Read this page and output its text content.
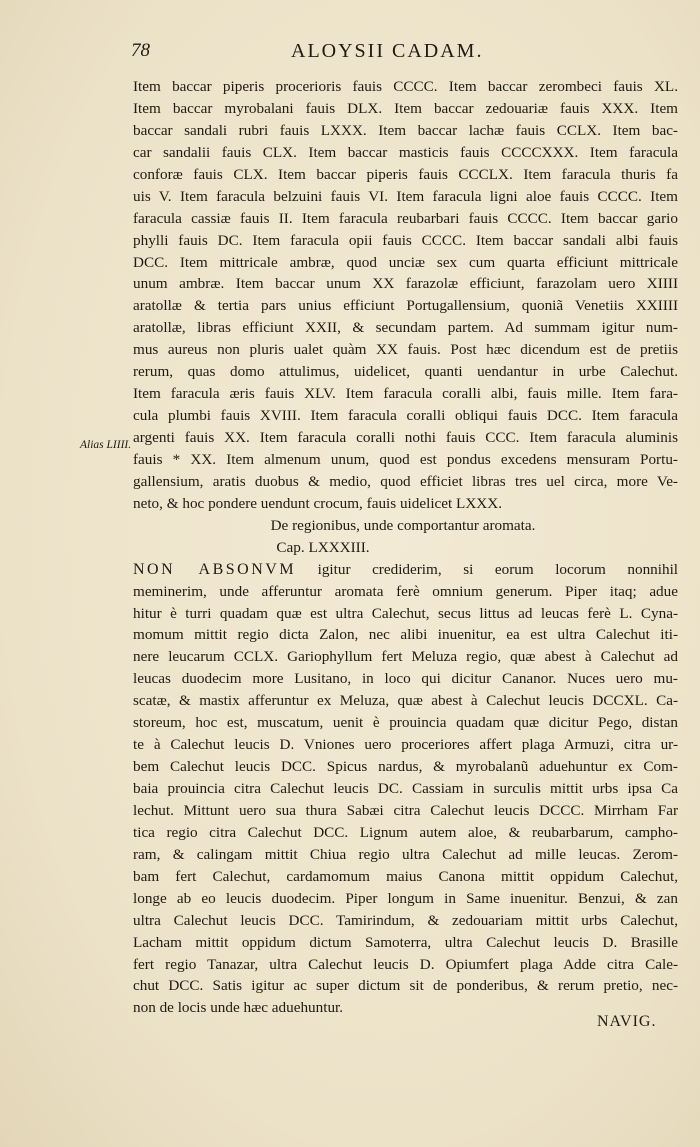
78	ALOYSII CADAM.
Alias LIIII.
Item baccar piperis procerioris fauis CCCC. Item baccar zerombeci fauis XL.
Item baccar myrobalani fauis DLX. Item baccar zedouariæ fauis XXX. Item
baccar sandali rubri fauis LXXX. Item baccar lachæ fauis CCLX. Item bac-
car sandalii fauis CLX. Item baccar masticis fauis CCCCXXX. Item faracula
conforæ fauis CLX. Item baccar piperis fauis CCCLX. Item faracula thuris fa
uis V. Item faracula belzuini fauis VI. Item faracula ligni aloe fauis CCCC. Item
faracula cassiæ fauis II. Item faracula reubarbari fauis CCCC. Item baccar gario
phylli fauis DC. Item faracula opii fauis CCCC. Item baccar sandali albi fauis
DCC. Item mittricale ambræ, quod unciæ sex cum quarta efficiunt mittricale
unum ambræ. Item baccar unum XX farazolæ efficiunt, farazolam uero XIIII
aratollæ & tertia pars unius efficiunt Portugallensium, quoniã Venetiis XXIIII
aratollæ, libras efficiunt XXII, & secundam partem. Ad summam igitur num-
mus aureus non pluris ualet quàm XX fauis. Post hæc dicendum est de pretiis
rerum, quas domo attulimus, uidelicet, quanti uendantur in urbe Calechut.
Item faracula æris fauis XLV. Item faracula coralli albi, fauis mille. Item fara-
cula plumbi fauis XVIII. Item faracula coralli obliqui fauis DCC. Item faracula
argenti fauis XX. Item faracula coralli nothi fauis CCC. Item faracula aluminis
fauis * XX. Item almenum unum, quod est pondus excedens mensuram Portu-
gallensium, aratis duobus & medio, quod efficiet libras tres uel circa, more Ve-
neto, & hoc pondere uendunt crocum, fauis uidelicet LXXX.
De regionibus, unde comportantur aromata.
Cap. LXXXIII.
NON ABSONVM igitur crediderim, si eorum locorum nonnihil
meminerim, unde afferuntur aromata ferè omnium generum. Piper itaq; adue
hitur è turri quadam quæ est ultra Calechut, secus littus ad leucas ferè L. Cyna-
momum mittit regio dicta Zalon, nec alibi inuenitur, ea est ultra Calechut iti-
nere leucarum CCLX. Gariophyllum fert Meluza regio, quæ abest à Calechut ad
leucas duodecim more Lusitano, in loco qui dicitur Cananor. Nuces uero mu-
scatæ, & mastix afferuntur ex Meluza, quæ abest à Calechut leucis DCCXL. Ca-
storeum, hoc est, muscatum, uenit è prouincia quadam quæ dicitur Pego, distan
te à Calechut leucis D. Vniones uero proceriores affert plaga Armuzi, citra ur-
bem Calechut leucis DCC. Spicus nardus, & myrobalanũ aduehuntur ex Com-
baia prouincia citra Calechut leucis DC. Cassiam in surculis mittit urbs ipsa Ca
lechut. Mittunt uero sua thura Sabæi citra Calechut leucis DCCC. Mirrham Far
tica regio citra Calechut DCC. Lignum autem aloe, & reubarbarum, campho-
ram, & calingam mittit Chiua regio ultra Calechut ad mille leucas. Zerom-
bam fert Calechut, cardamomum maius Canona mittit oppidum Calechut,
longe ab eo leucis duodecim. Piper longum in Same inuenitur. Benzui, & zan
ultra Calechut leucis DCC. Tamirindum, & zedouariam mittit urbs Calechut,
Lacham mittit oppidum dictum Samoterra, ultra Calechut leucis D. Brasille
fert regio Tanazar, ultra Calechut leucis D. Opiumfert plaga Adde citra Cale-
chut DCC. Satis igitur ac super dictum sit de ponderibus, & rerum pretio, nec-
non de locis unde hæc aduehuntur.
NAVIG.
